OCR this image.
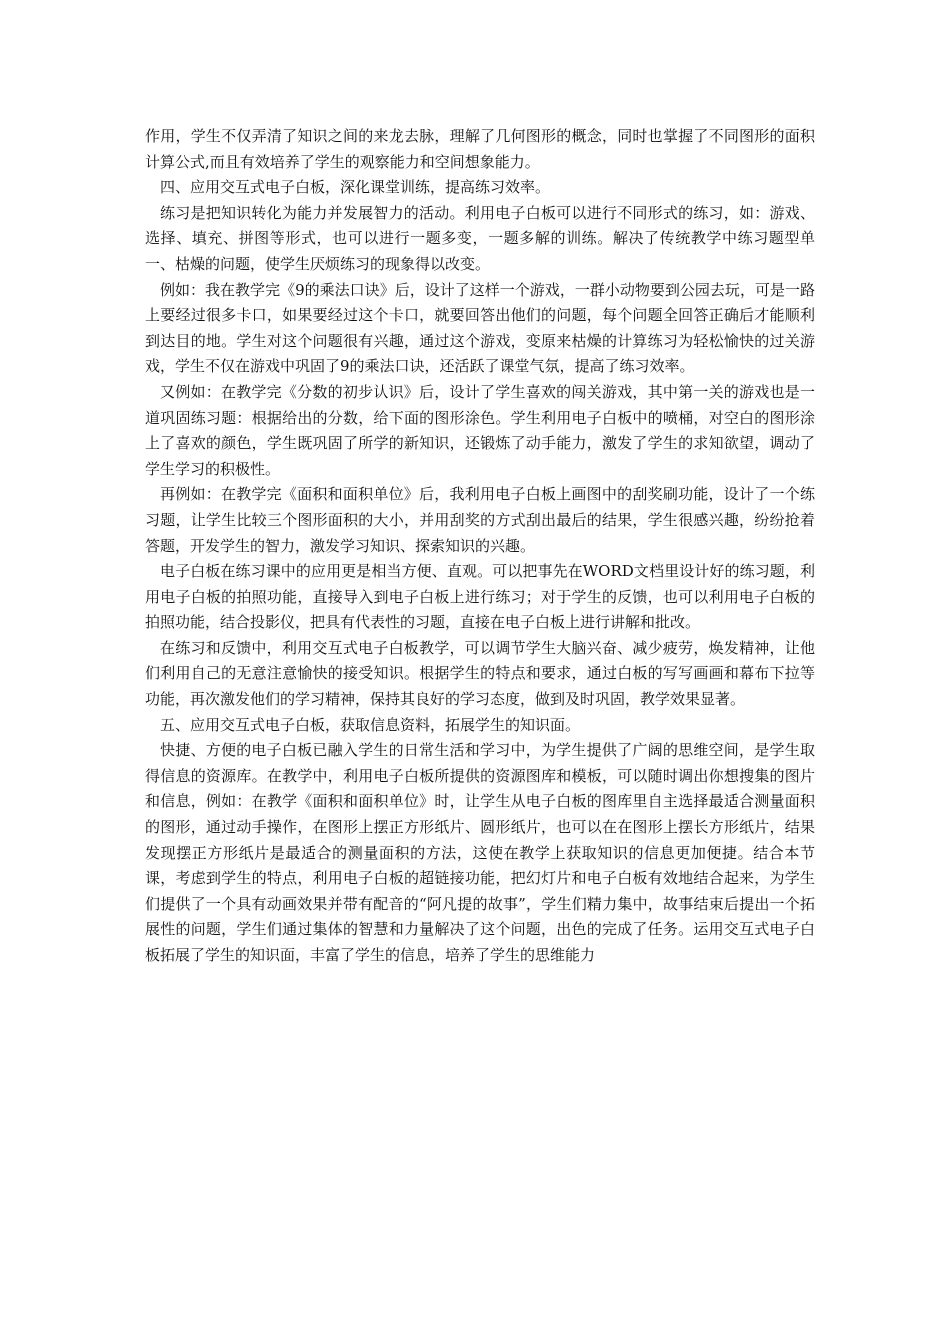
作用，学生不仅弄清了知识之间的来龙去脉，理解了几何图形的概念，同时也掌握了不同图形的面积计算公式,而且有效培养了学生的观察能力和空间想象能力。

四、应用交互式电子白板，深化课堂训练，提高练习效率。

练习是把知识转化为能力并发展智力的活动。利用电子白板可以进行不同形式的练习，如：游戏、选择、填充、拼图等形式，也可以进行一题多变，一题多解的训练。解决了传统教学中练习题型单一、枯燥的问题，使学生厌烦练习的现象得以改变。

例如：我在教学完《9的乘法口诀》后，设计了这样一个游戏，一群小动物要到公园去玩，可是一路上要经过很多卡口，如果要经过这个卡口，就要回答出他们的问题，每个问题全回答正确后才能顺利到达目的地。学生对这个问题很有兴趣，通过这个游戏，变原来枯燥的计算练习为轻松愉快的过关游戏，学生不仅在游戏中巩固了9的乘法口诀，还活跃了课堂气氛，提高了练习效率。

又例如：在教学完《分数的初步认识》后，设计了学生喜欢的闯关游戏，其中第一关的游戏也是一道巩固练习题：根据给出的分数，给下面的图形涂色。学生利用电子白板中的喷桶，对空白的图形涂上了喜欢的颜色，学生既巩固了所学的新知识，还锻炼了动手能力，激发了学生的求知欲望，调动了学生学习的积极性。

再例如：在教学完《面积和面积单位》后，我利用电子白板上画图中的刮奖刷功能，设计了一个练习题，让学生比较三个图形面积的大小，并用刮奖的方式刮出最后的结果，学生很感兴趣，纷纷抢着答题，开发学生的智力，激发学习知识、探索知识的兴趣。

电子白板在练习课中的应用更是相当方便、直观。可以把事先在WORD文档里设计好的练习题，利用电子白板的拍照功能，直接导入到电子白板上进行练习；对于学生的反馈，也可以利用电子白板的拍照功能，结合投影仪，把具有代表性的习题，直接在电子白板上进行讲解和批改。

在练习和反馈中，利用交互式电子白板教学，可以调节学生大脑兴奋、减少疲劳，焕发精神，让他们利用自己的无意注意愉快的接受知识。根据学生的特点和要求，通过白板的写写画画和幕布下拉等功能，再次激发他们的学习精神，保持其良好的学习态度，做到及时巩固，教学效果显著。

五、应用交互式电子白板，获取信息资料，拓展学生的知识面。

快捷、方便的电子白板已融入学生的日常生活和学习中，为学生提供了广阔的思维空间，是学生取得信息的资源库。在教学中，利用电子白板所提供的资源图库和模板，可以随时调出你想搜集的图片和信息，例如：在教学《面积和面积单位》时，让学生从电子白板的图库里自主选择最适合测量面积的图形，通过动手操作，在图形上摆正方形纸片、圆形纸片，也可以在在图形上摆长方形纸片，结果发现摆正方形纸片是最适合的测量面积的方法，这使在教学上获取知识的信息更加便捷。结合本节课，考虑到学生的特点，利用电子白板的超链接功能，把幻灯片和电子白板有效地结合起来，为学生们提供了一个具有动画效果并带有配音的“阿凡提的故事”，学生们精力集中，故事结束后提出一个拓展性的问题，学生们通过集体的智慧和力量解决了这个问题，出色的完成了任务。运用交互式电子白板拓展了学生的知识面，丰富了学生的信息，培养了学生的思维能力
